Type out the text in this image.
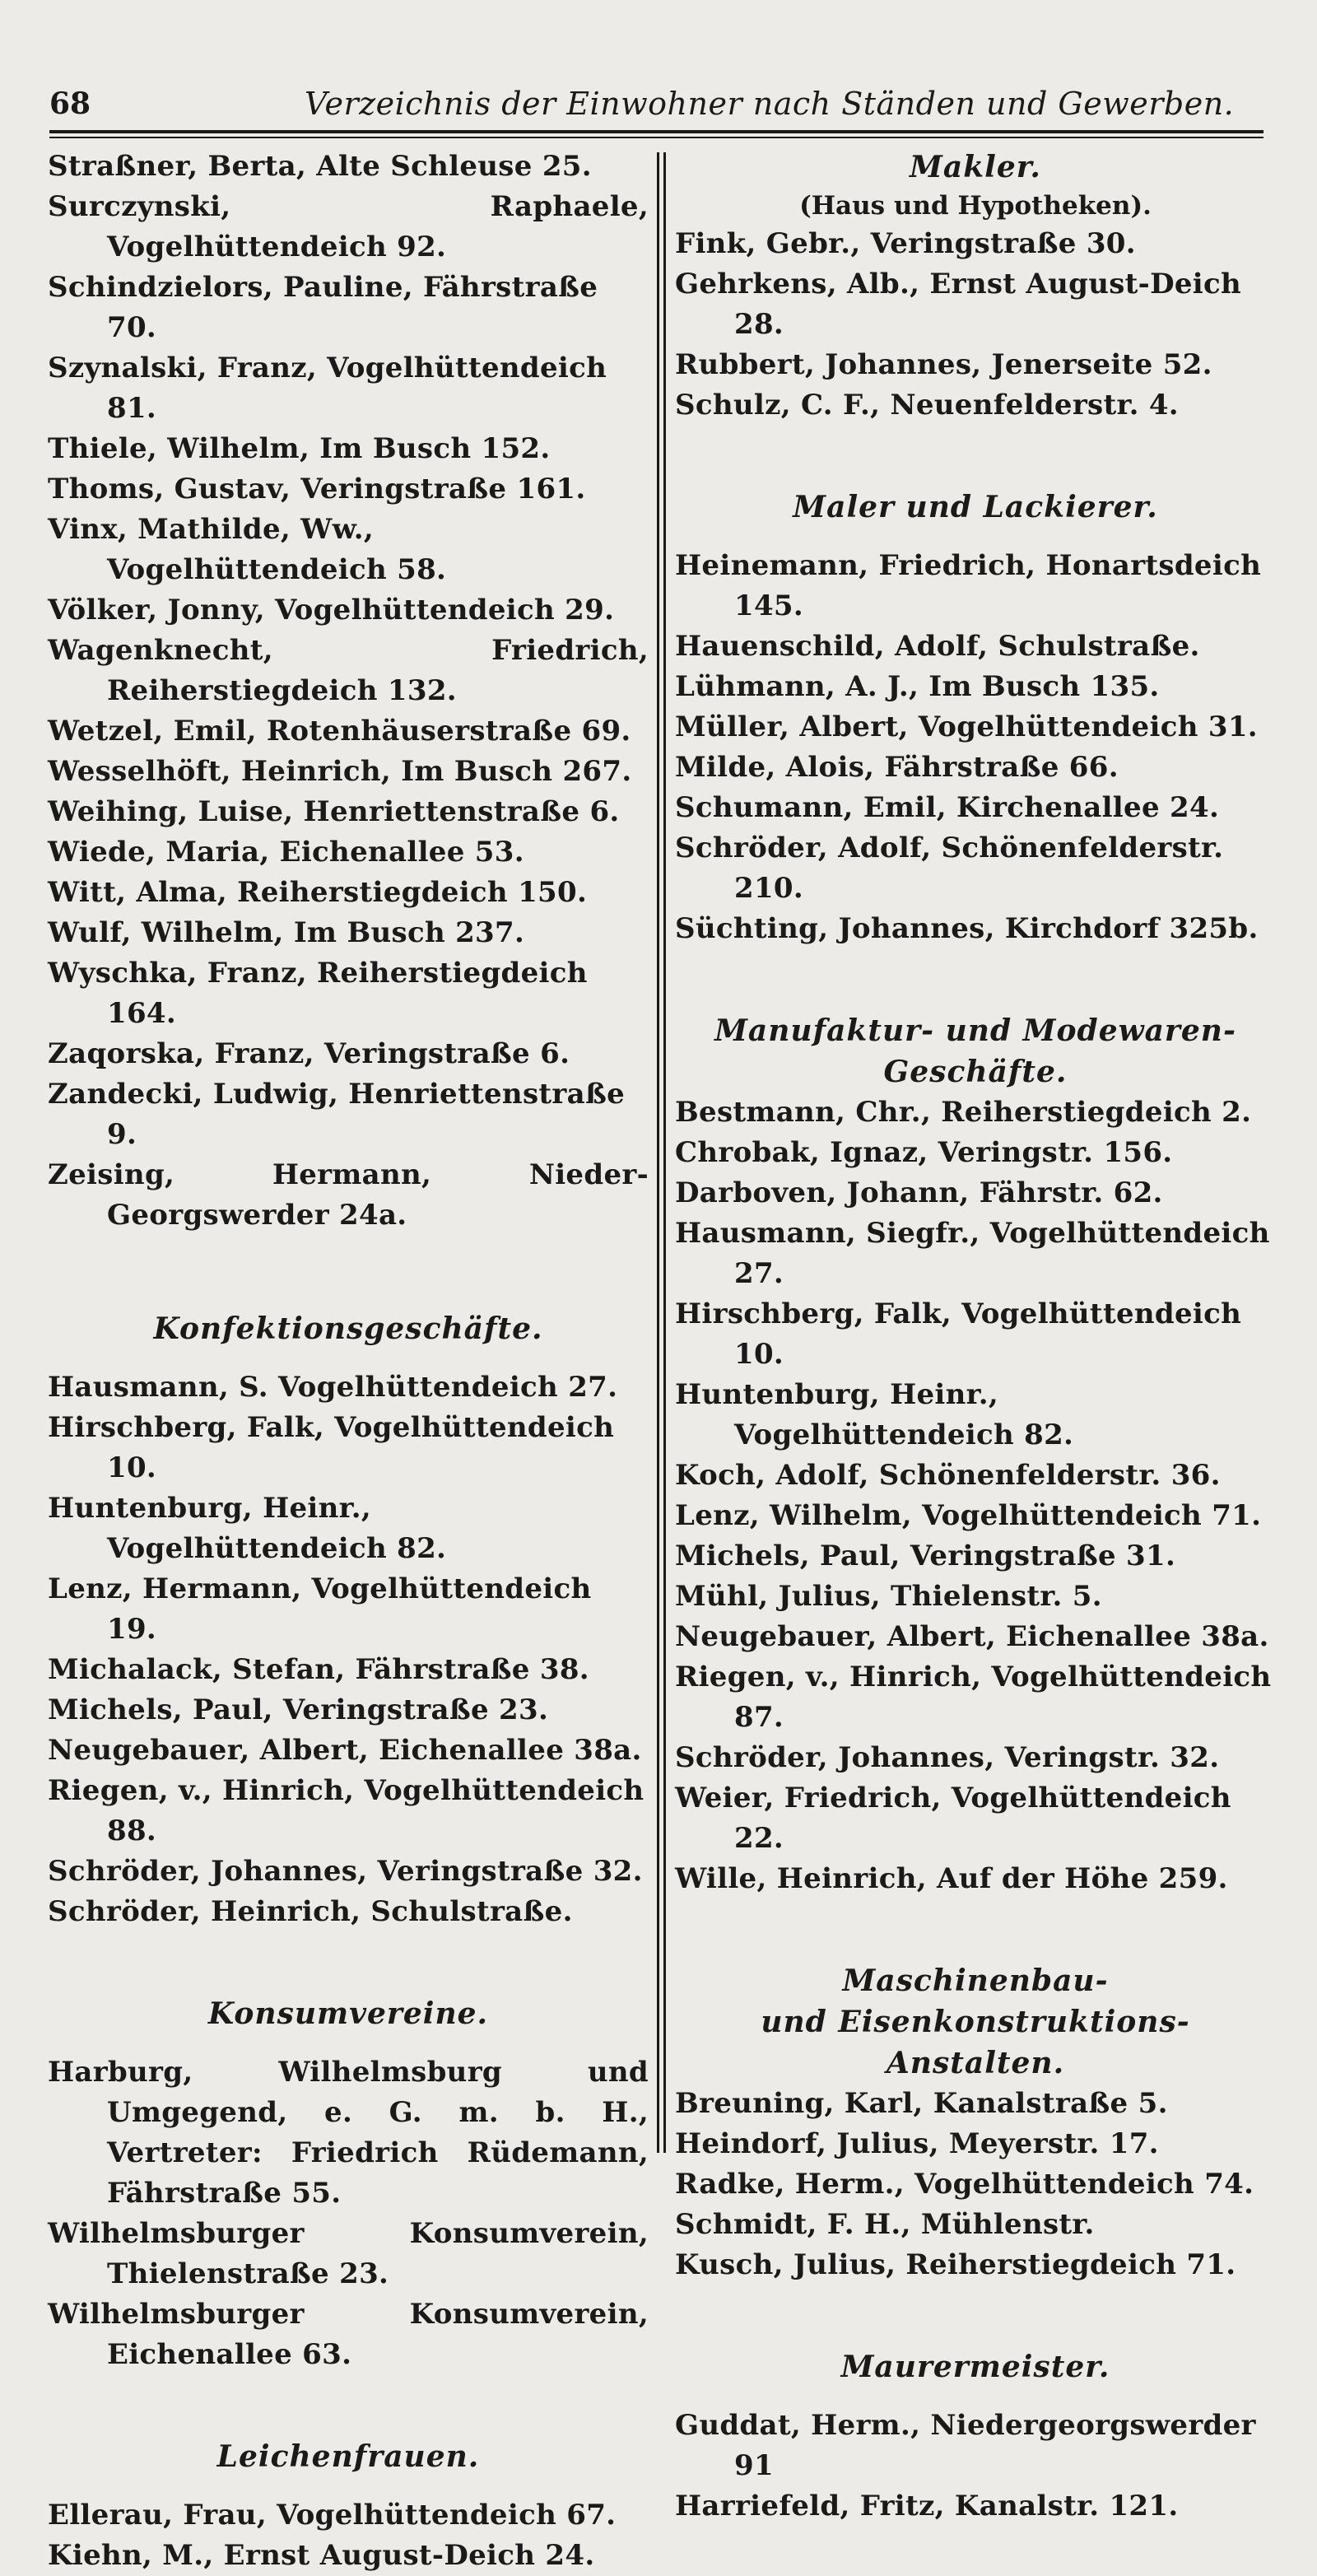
68	Verzeichnis der Einwohner nach Ständen und Gewerben.
Straßner, Berta, Alte Schleuse 25.
Surczynski, Raphaele, Vogelhüttendeich 92.
Schindzielors, Pauline, Fährstraße 70.
Szynalski, Franz, Vogelhüttendeich 81.
Thiele, Wilhelm, Im Busch 152.
Thoms, Gustav, Veringstraße 161.
Vinx, Mathilde, Ww., Vogelhüttendeich 58.
Völker, Jonny, Vogelhüttendeich 29.
Wagenknecht, Friedrich, Reiherstiegdeich 132.
Wetzel, Emil, Rotenhäuserstraße 69.
Wesselhöft, Heinrich, Im Busch 267.
Weihing, Luise, Henriettenstraße 6.
Wiede, Maria, Eichenallee 53.
Witt, Alma, Reiherstiegdeich 150.
Wulf, Wilhelm, Im Busch 237.
Wyschka, Franz, Reiherstiegdeich 164.
Zaqorska, Franz, Veringstraße 6.
Zandecki, Ludwig, Henriettenstraße 9.
Zeising, Hermann, Nieder-Georgswerder 24a.
Konfektionsgeschäfte.
Hausmann, S. Vogelhüttendeich 27.
Hirschberg, Falk, Vogelhüttendeich 10.
Huntenburg, Heinr., Vogelhüttendeich 82.
Lenz, Hermann, Vogelhüttendeich 19.
Michalack, Stefan, Fährstraße 38.
Michels, Paul, Veringstraße 23.
Neugebauer, Albert, Eichenallee 38a.
Riegen, v., Hinrich, Vogelhüttendeich 88.
Schröder, Johannes, Veringstraße 32.
Schröder, Heinrich, Schulstraße.
Konsumvereine.
Harburg, Wilhelmsburg und Umgegend, e. G. m. b. H., Vertreter: Friedrich Rüdemann, Fährstraße 55.
Wilhelmsburger Konsumverein, Thielenstraße 23.
Wilhelmsburger Konsumverein, Eichenallee 63.
Leichenfrauen.
Ellerau, Frau, Vogelhüttendeich 67.
Kiehn, M., Ernst August-Deich 24.
Makler.
(Haus und Hypotheken).
Fink, Gebr., Veringstraße 30.
Gehrkens, Alb., Ernst August-Deich 28.
Rubbert, Johannes, Jenerseite 52.
Schulz, C. F., Neuenfelderstr. 4.
Maler und Lackierer.
Heinemann, Friedrich, Honartsdeich 145.
Hauenschild, Adolf, Schulstraße.
Lühmann, A. J., Im Busch 135.
Müller, Albert, Vogelhüttendeich 31.
Milde, Alois, Fährstraße 66.
Schumann, Emil, Kirchenallee 24.
Schröder, Adolf, Schönenfelderstr. 210.
Süchting, Johannes, Kirchdorf 325b.
Manufaktur- und Modewaren-
Geschäfte.
Bestmann, Chr., Reiherstiegdeich 2.
Chrobak, Ignaz, Veringstr. 156.
Darboven, Johann, Fährstr. 62.
Hausmann, Siegfr., Vogelhüttendeich 27.
Hirschberg, Falk, Vogelhüttendeich 10.
Huntenburg, Heinr., Vogelhüttendeich 82.
Koch, Adolf, Schönenfelderstr. 36.
Lenz, Wilhelm, Vogelhüttendeich 71.
Michels, Paul, Veringstraße 31.
Mühl, Julius, Thielenstr. 5.
Neugebauer, Albert, Eichenallee 38a.
Riegen, v., Hinrich, Vogelhüttendeich 87.
Schröder, Johannes, Veringstr. 32.
Weier, Friedrich, Vogelhüttendeich 22.
Wille, Heinrich, Auf der Höhe 259.
Maschinenbau-
und Eisenkonstruktions-Anstalten.
Breuning, Karl, Kanalstraße 5.
Heindorf, Julius, Meyerstr. 17.
Radke, Herm., Vogelhüttendeich 74.
Schmidt, F. H., Mühlenstr.
Kusch, Julius, Reiherstiegdeich 71.
Maurermeister.
Guddat, Herm., Niedergeorgswerder 91
Harriefeld, Fritz, Kanalstr. 121.
